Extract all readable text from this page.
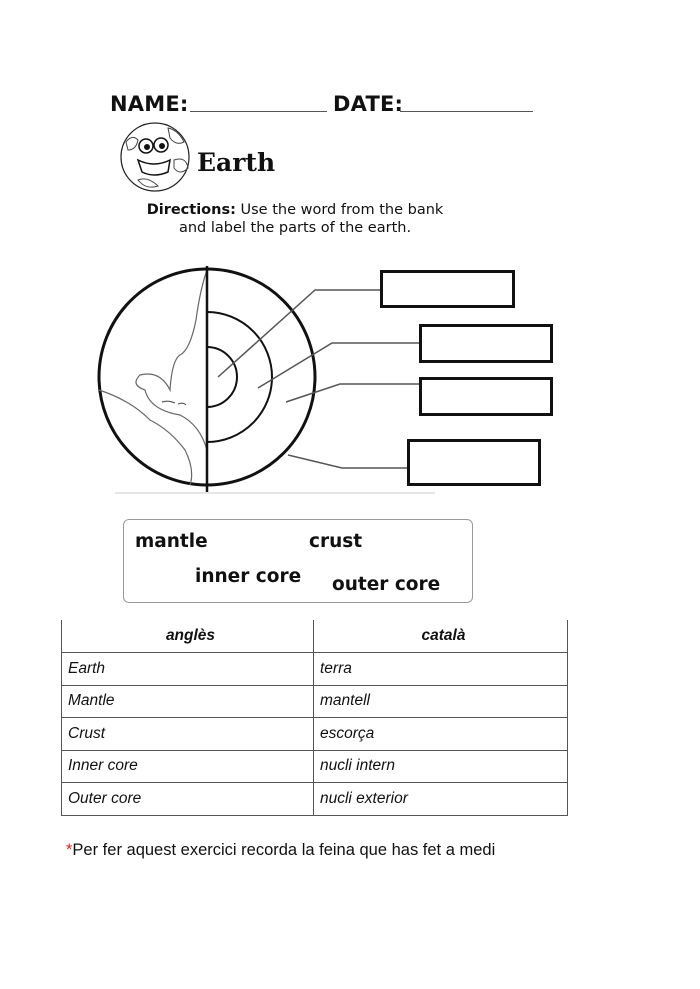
NAME:	DATE:
Earth
Directions: Use the word from the bank
and label the parts of the earth.
mantle	crust
inner core outer core
anglès	català
Earth	terra
Mantle	mantell
Crust	escorça
Inner core	nucli intern
Outer core	nucli exterior
*Per fer aquest exercici recorda la feina que has fet a medi
